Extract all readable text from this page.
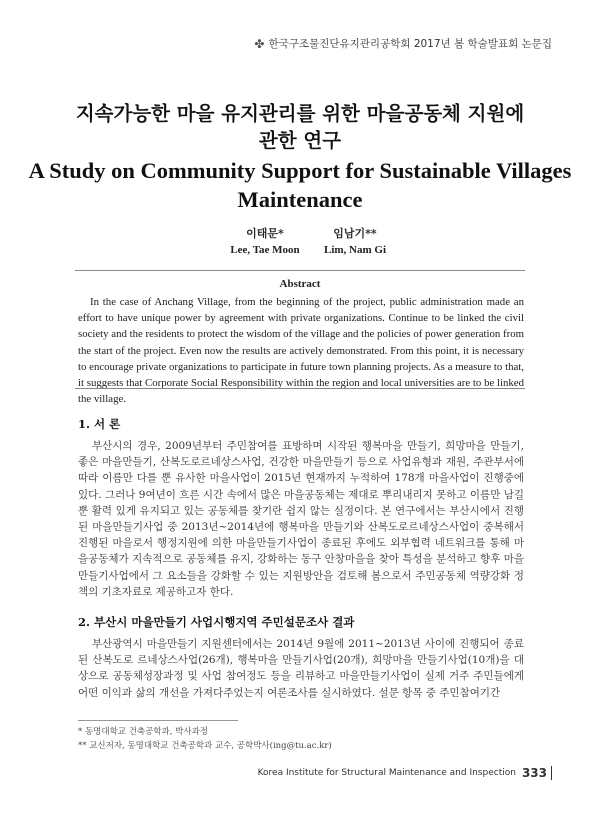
✤ 한국구조물진단유지관리공학회 2017년 봄 학술발표회 논문집
지속가능한 마을 유지관리를 위한 마을공동체 지원에
관한 연구
A Study on Community Support for Sustainable Villages
Maintenance
이태문*
Lee, Tae Moon
임남기**
Lim, Nam Gi
Abstract
In the case of Anchang Village, from the beginning of the project, public administration made an effort to have unique power by agreement with private organizations. Continue to be linked the civil society and the residents to protect the wisdom of the village and the policies of power generation from the start of the project. Even now the results are actively demonstrated. From this point, it is necessary to encourage private organizations to participate in future town planning projects. As a measure to that, it suggests that Corporate Social Responsibility within the region and local universities are to be linked the village.
1. 서 론
부산시의 경우, 2009년부터 주민참여를 표방하며 시작된 행복마을 만들기, 희망마을 만들기, 좋은 마을만들기, 산복도로르네상스사업, 건강한 마을만들기 등으로 사업유형과 재원, 주관부서에 따라 이름만 다를 뿐 유사한 마을사업이 2015년 현재까지 누적하여 178개 마을사업이 진행중에 있다. 그러나 9여년이 흐른 시간 속에서 많은 마을공동체는 제대로 뿌리내리지 못하고 이름만 남길 뿐 활력 있게 유지되고 있는 공동체를 찾기란 쉽지 않는 실정이다. 본 연구에서는 부산시에서 진행된 마을만들기사업 중 2013년~2014년에 행복마을 만들기와 산복도로르네상스사업이 중복해서 진행된 마을로서 행정지원에 의한 마을만들기사업이 종료된 후에도 외부협력 네트워크를 통해 마을공동체가 지속적으로 공동체를 유지, 강화하는 동구 안창마을을 찾아 특성을 분석하고 향후 마을만들기사업에서 그 요소들을 강화할 수 있는 지원방안을 검토해 봄으로서 주민공동체 역량강화 정책의 기초자료로 제공하고자 한다.
2. 부산시 마을만들기 사업시행지역 주민설문조사 결과
부산광역시 마을만들기 지원센터에서는 2014년 9월에 2011~2013년 사이에 진행되어 종료된 산복도로 르네상스사업(26개), 행복마을 만들기사업(20개), 희망마을 만들기사업(10개)을 대상으로 공동체성장과정 및 사업 참여정도 등을 리뷰하고 마을만들기사업이 실제 거주 주민들에게 어떤 이익과 삶의 개선을 가져다주었는지 여론조사를 실시하였다. 설문 항목 중 주민참여기간
* 동명대학교 건축공학과, 박사과정
** 교신저자, 동명대학교 건축공학과 교수, 공학박사(ing@tu.ac.kr)
Korea Institute for Structural Maintenance and Inspection 333
